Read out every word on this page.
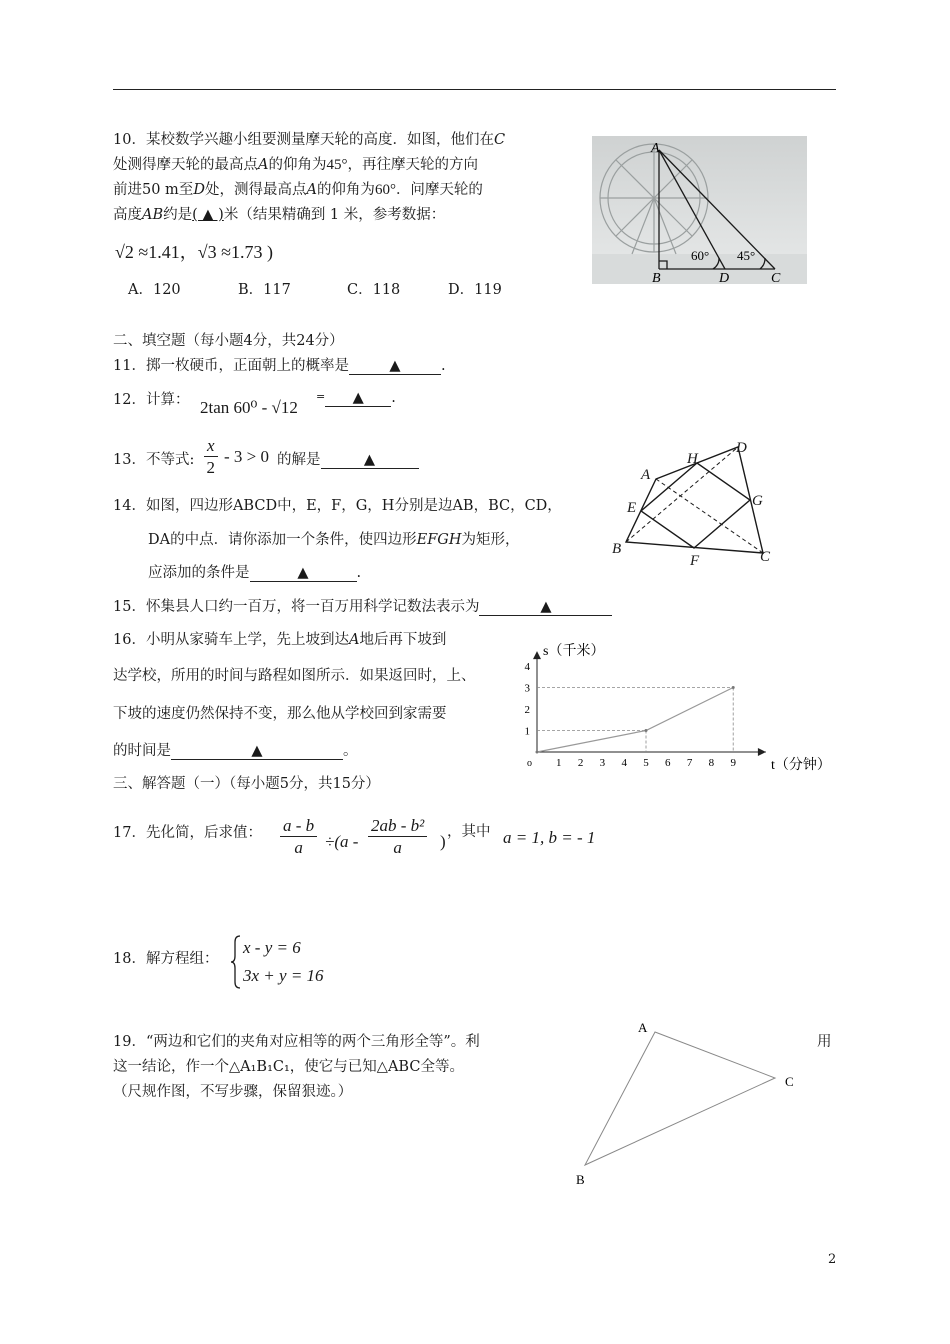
10．某校数学兴趣小组要测量摩天轮的高度．如图，他们在C
处测得摩天轮的最高点A的仰角为45°，再往摩天轮的方向
前进50 m至D处，测得最高点A的仰角为60°．问摩天轮的
高度AB约是( ▲ )米（结果精确到 1 米，参考数据：
√2 ≈1.41，√3 ≈1.73 )
A．120	B．117	C．118	D．119
A
B	D	C
60° 45°
二、填空题（每小题4分，共24分）
11．掷一枚硬币，正面朝上的概率是	▲	.
12．计算： 2tan 60⁰ - √12
= ▲ .
13．不等式: $\frac{x}{2} - 3 > 0$ 的解是	▲
14．如图，四边形ABCD中，E，F，G，H分别是边AB，BC，CD，
DA的中点．请你添加一个条件，使四边形EFGH为矩形，
应添加的条件是	▲	.
A
B	C
D
E
F
G
H
15．怀集县人口约一百万，将一百万用科学记数法表示为	▲
16．小明从家骑车上学，先上坡到达A地后再下坡到
达学校，所用的时间与路程如图所示．如果返回时，上、
下坡的速度仍然保持不变，那么他从学校回到家需要
的时间是	▲	。
1 2 3 4 5 6 7 8 9
1
2
3
4
o
s（千米）
t（分钟）
三、解答题（一）（每小题5分，共15分）
17．先化简，后求值： $\frac{a - b}{a} \div(a - \frac{\text{2ab - b²}}{a}$ ) ，其中 a = 1, b = - 1
18．解方程组：
x - y = 6
3x + y = 16
19．“两边和它们的夹角对应相等的两个三角形全等”。利	用
这一结论，作一个△A₁B₁C₁，使它与已知△ABC全等。
（尺规作图，不写步骤，保留狠迹。）
A
B
C
2
